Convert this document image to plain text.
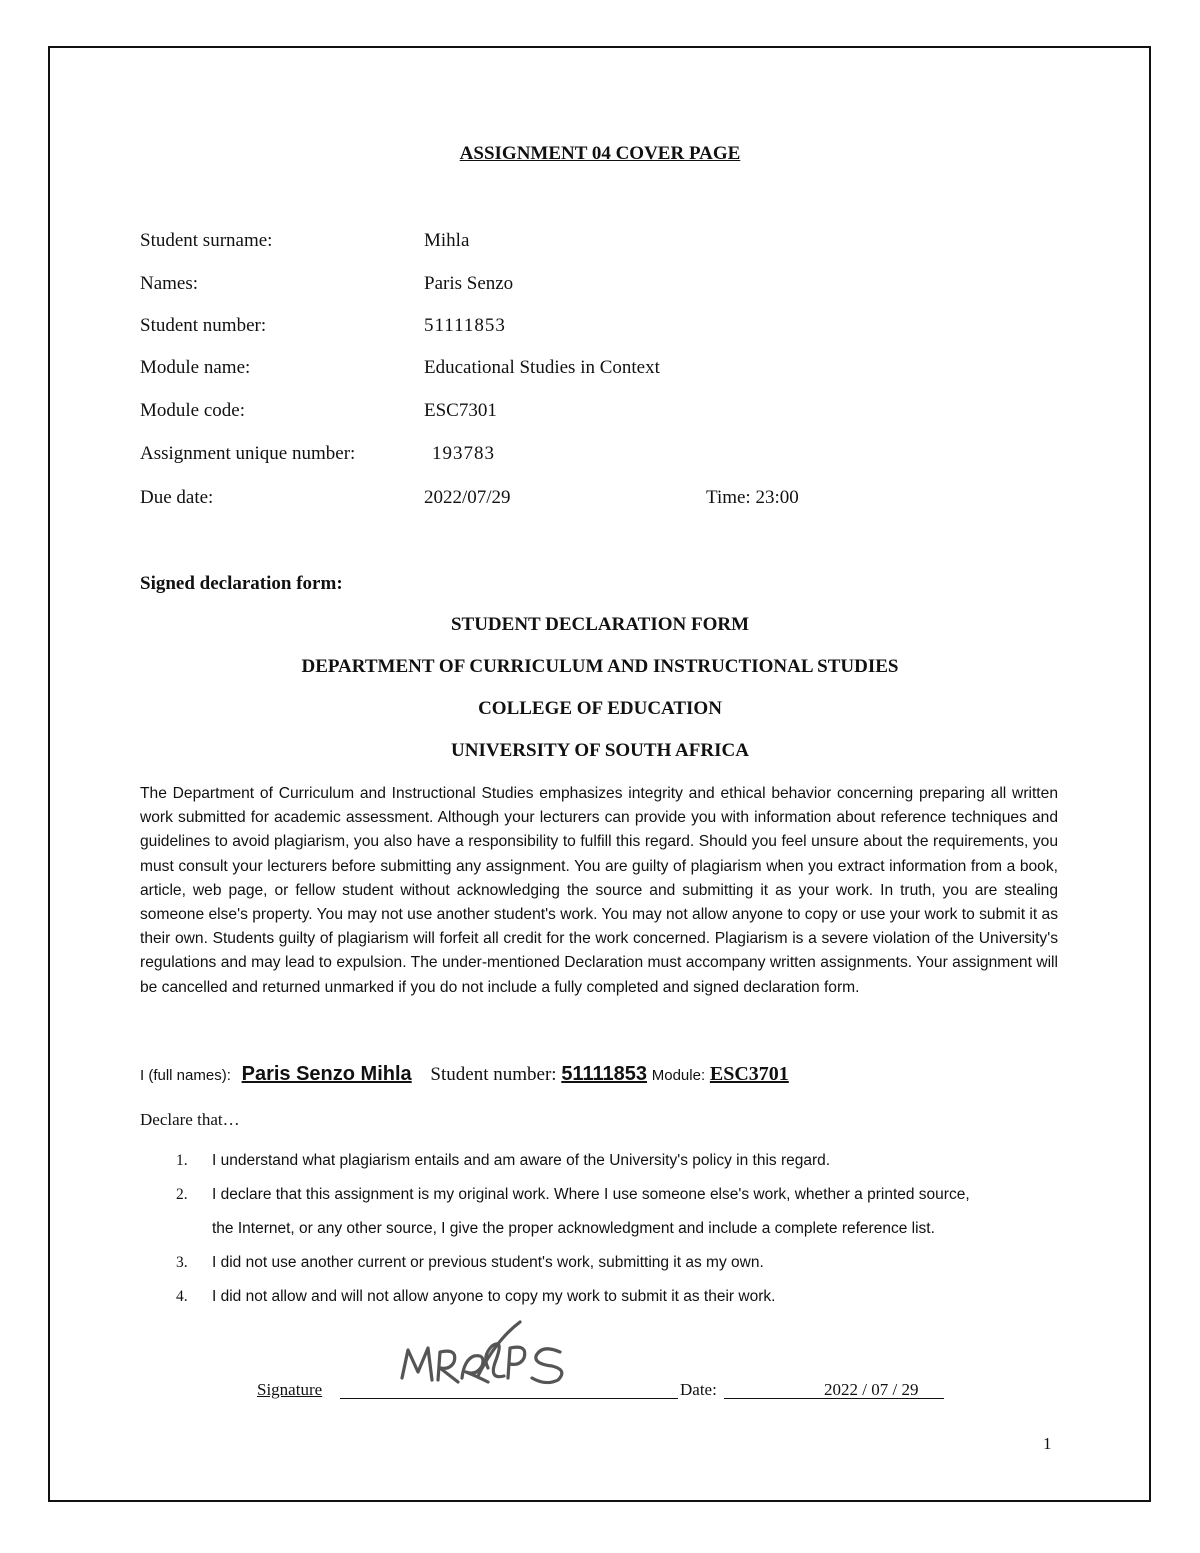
ASSIGNMENT 04 COVER PAGE
Student surname:	Mihla
Names:	Paris Senzo
Student number:	51111853
Module name:	Educational Studies in Context
Module code:	ESC7301
Assignment unique number:	193783
Due date:	2022/07/29	Time: 23:00
Signed declaration form:
STUDENT DECLARATION FORM
DEPARTMENT OF CURRICULUM AND INSTRUCTIONAL STUDIES
COLLEGE OF EDUCATION
UNIVERSITY OF SOUTH AFRICA
The Department of Curriculum and Instructional Studies emphasizes integrity and ethical behavior concerning preparing all written work submitted for academic assessment. Although your lecturers can provide you with information about reference techniques and guidelines to avoid plagiarism, you also have a responsibility to fulfill this regard. Should you feel unsure about the requirements, you must consult your lecturers before submitting any assignment. You are guilty of plagiarism when you extract information from a book, article, web page, or fellow student without acknowledging the source and submitting it as your work. In truth, you are stealing someone else's property. You may not use another student's work. You may not allow anyone to copy or use your work to submit it as their own. Students guilty of plagiarism will forfeit all credit for the work concerned. Plagiarism is a severe violation of the University's regulations and may lead to expulsion. The under-mentioned Declaration must accompany written assignments. Your assignment will be cancelled and returned unmarked if you do not include a fully completed and signed declaration form.
I (full names): Paris Senzo Mihla Student number: 51111853 Module: ESC3701
Declare that…
1. I understand what plagiarism entails and am aware of the University's policy in this regard.
2. I declare that this assignment is my original work. Where I use someone else's work, whether a printed source,
the Internet, or any other source, I give the proper acknowledgment and include a complete reference list.
3. I did not use another current or previous student's work, submitting it as my own.
4. I did not allow and will not allow anyone to copy my work to submit it as their work.
Signature
MRPS
Date:	2022 / 07 / 29
1
